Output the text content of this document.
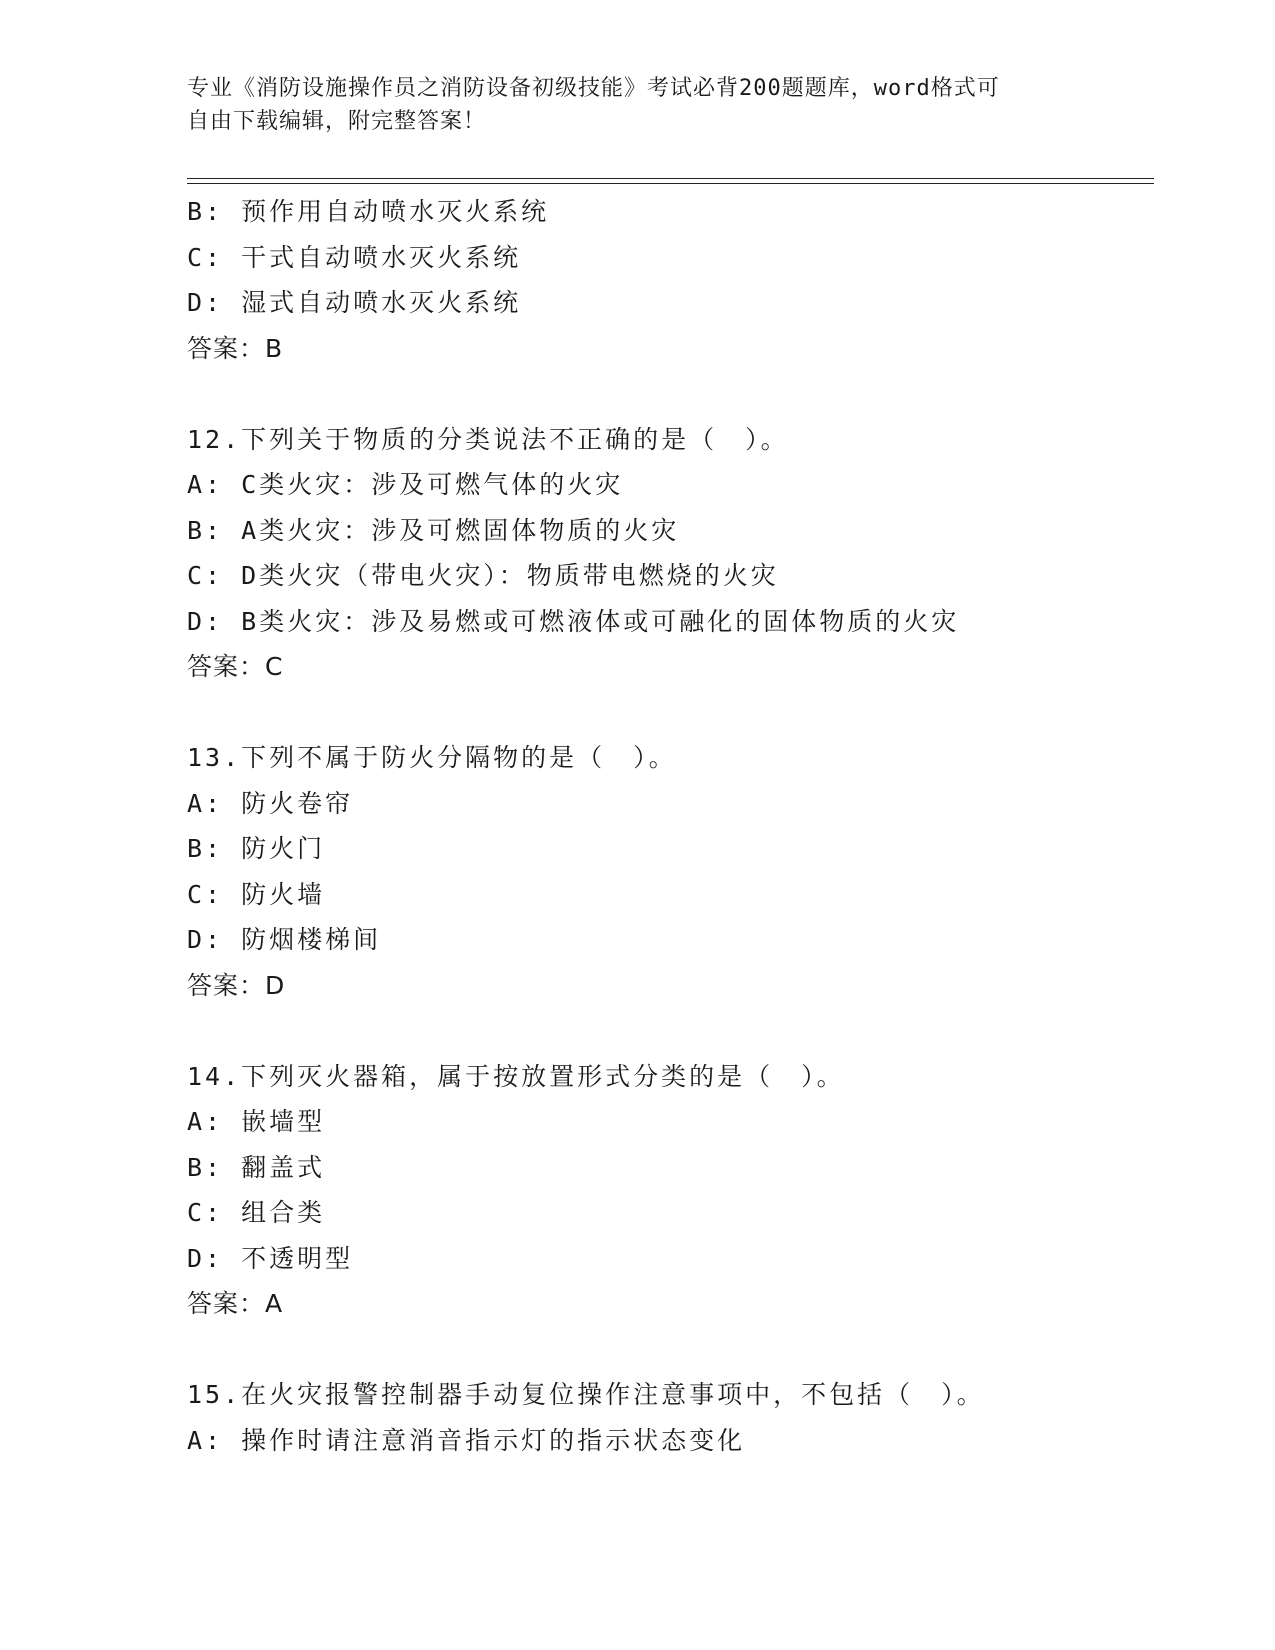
专业《消防设施操作员之消防设备初级技能》考试必背200题题库，word格式可
自由下载编辑，附完整答案！
B: 预作用自动喷水灭火系统
C: 干式自动喷水灭火系统
D: 湿式自动喷水灭火系统
答案：B
12.下列关于物质的分类说法不正确的是（　）。
A: C类火灾：涉及可燃气体的火灾
B: A类火灾：涉及可燃固体物质的火灾
C: D类火灾（带电火灾）：物质带电燃烧的火灾
D: B类火灾：涉及易燃或可燃液体或可融化的固体物质的火灾
答案：C
13.下列不属于防火分隔物的是（　）。
A: 防火卷帘
B: 防火门
C: 防火墙
D: 防烟楼梯间
答案：D
14.下列灭火器箱，属于按放置形式分类的是（　）。
A: 嵌墙型
B: 翻盖式
C: 组合类
D: 不透明型
答案：A
15.在火灾报警控制器手动复位操作注意事项中，不包括（　）。
A: 操作时请注意消音指示灯的指示状态变化
